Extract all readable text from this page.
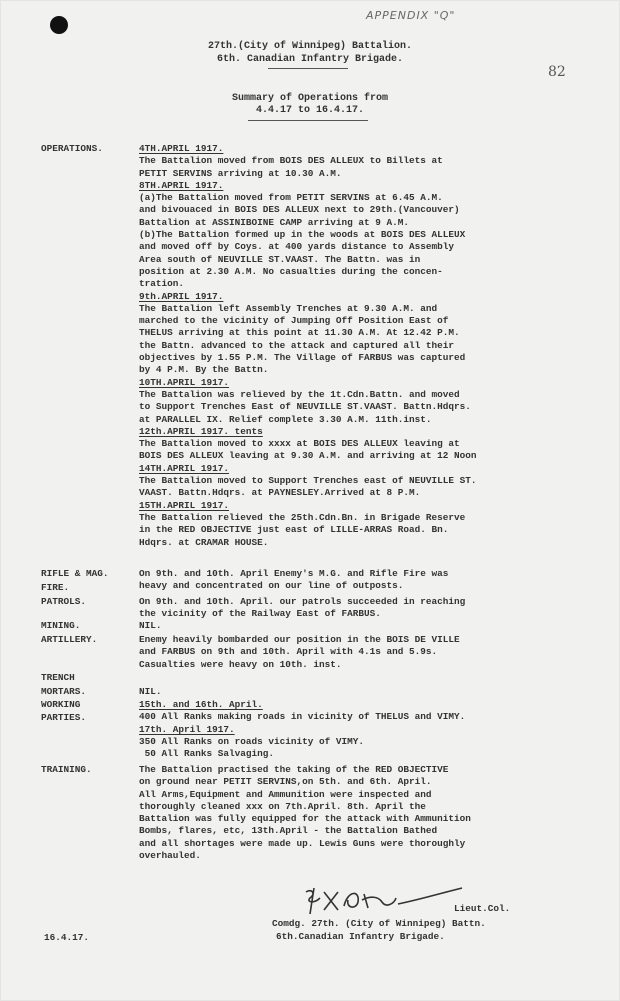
APPENDIX "Q"
82
27th.(City of Winnipeg) Battalion.
6th. Canadian Infantry Brigade.
Summary of Operations from
4.4.17 to 16.4.17.
OPERATIONS.
RIFLE & MAG.
FIRE.
PATROLS.
MINING.
ARTILLERY.
TRENCH
MORTARS.
WORKING
PARTIES.
TRAINING.
4TH.APRIL 1917.
The Battalion moved from BOIS DES ALLEUX to Billets at
PETIT SERVINS arriving at 10.30 A.M.
8TH.APRIL 1917.
(a)The Battalion moved from PETIT SERVINS at 6.45 A.M.
and bivouaced in BOIS DES ALLEUX next to 29th.(Vancouver)
Battalion at ASSINIBOINE CAMP arriving at 9 A.M.
(b)The Battalion formed up in the woods at BOIS DES ALLEUX
and moved off by Coys. at 400 yards distance to Assembly
Area south of NEUVILLE ST.VAAST. The Battn. was in
position at 2.30 A.M. No casualties during the concen-
tration.
9th.APRIL 1917.
The Battalion left Assembly Trenches at 9.30 A.M. and
marched to the vicinity of Jumping Off Position East of
THELUS arriving at this point at 11.30 A.M. At 12.42 P.M.
the Battn. advanced to the attack and captured all their
objectives by 1.55 P.M. The Village of FARBUS was captured
by 4 P.M. By the Battn.
10TH.APRIL 1917.
The Battalion was relieved by the 1t.Cdn.Battn. and moved
to Support Trenches East of NEUVILLE ST.VAAST. Battn.Hdqrs.
at PARALLEL IX. Relief complete 3.30 A.M. 11th.inst.
12th.APRIL 1917. tents
The Battalion moved to xxxx at BOIS DES ALLEUX leaving at
BOIS DES ALLEUX leaving at 9.30 A.M. and arriving at 12 Noon
14TH.APRIL 1917.
The Battalion moved to Support Trenches east of NEUVILLE ST.
VAAST. Battn.Hdqrs. at PAYNESLEY.Arrived at 8 P.M.
15TH.APRIL 1917.
The Battalion relieved the 25th.Cdn.Bn. in Brigade Reserve
in the RED OBJECTIVE just east of LILLE-ARRAS Road. Bn.
Hdqrs. at CRAMAR HOUSE.
On 9th. and 10th. April Enemy's M.G. and Rifle Fire was
heavy and concentrated on our line of outposts.
On 9th. and 10th. April. our patrols succeeded in reaching
the vicinity of the Railway East of FARBUS.
NIL.
Enemy heavily bombarded our position in the BOIS DE VILLE
and FARBUS on 9th and 10th. April with 4.1s and 5.9s.
Casualties were heavy on 10th. inst.
NIL.
15th. and 16th. April.
400 All Ranks making roads in vicinity of THELUS and VIMY.
17th. April 1917.
350 All Ranks on roads vicinity of VIMY.
50 All Ranks Salvaging.
The Battalion practised the taking of the RED OBJECTIVE
on ground near PETIT SERVINS,on 5th. and 6th. April.
All Arms,Equipment and Ammunition were inspected and
thoroughly cleaned xxx on 7th.April. 8th. April the
Battalion was fully equipped for the attack with Ammunition
Bombs, flares, etc, 13th.April - the Battalion Bathed
and all shortages were made up. Lewis Guns were thoroughly
overhauled.
Lieut.Col.
Comdg. 27th. (City of Winnipeg) Battn.
6th.Canadian Infantry Brigade.
16.4.17.
